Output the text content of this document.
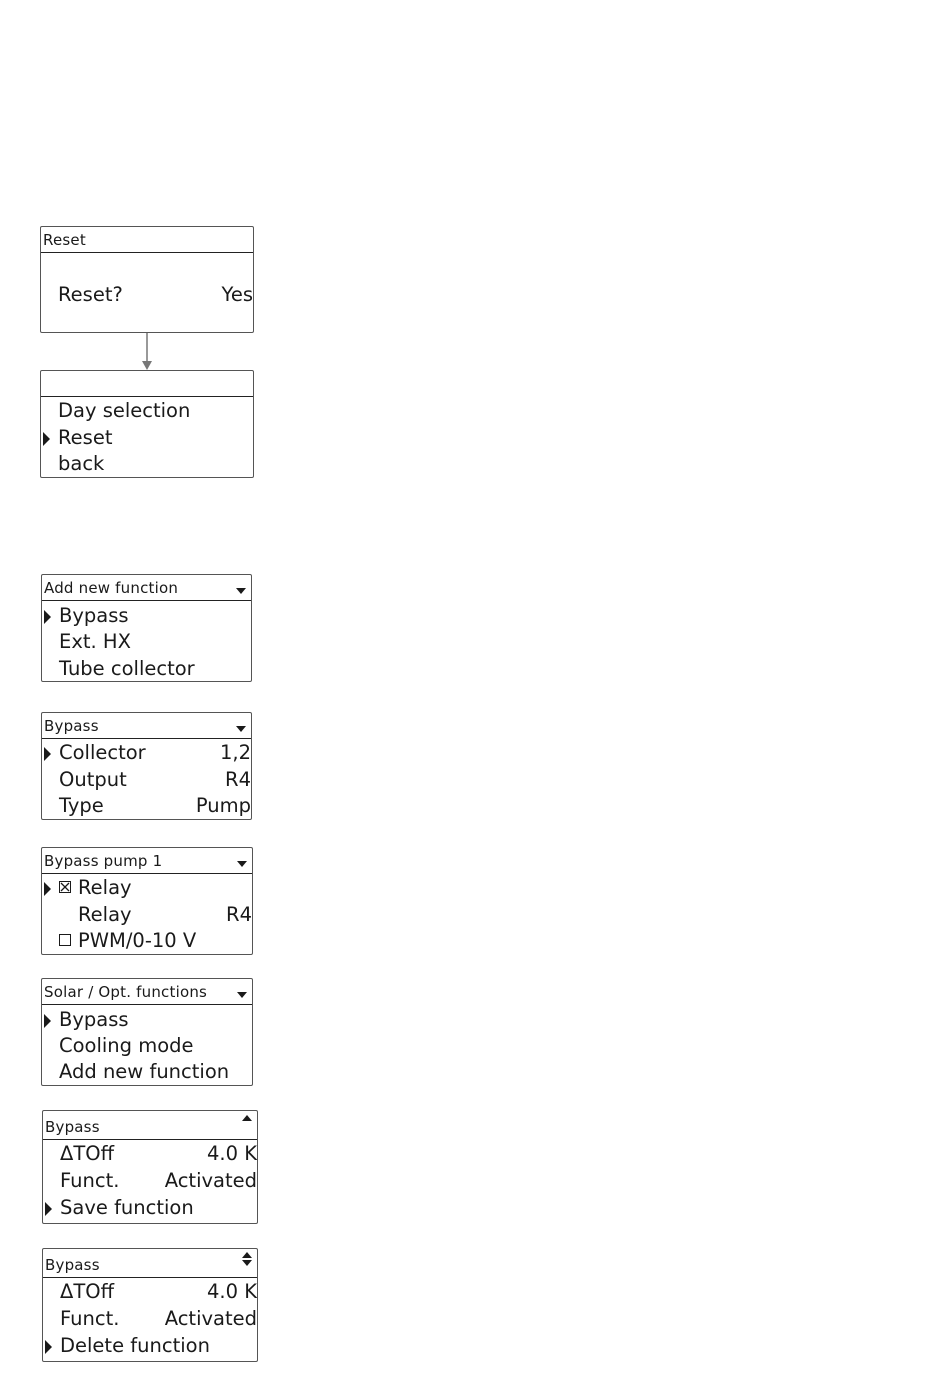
Reset
Reset?	Yes
Day selection
Reset
back
Add new function
Bypass
Ext. HX
Tube collector
Bypass
Collector	1,2
Output	R4
Type	Pump
Bypass pump 1
Relay
Relay	R4
PWM/0-10 V
Solar / Opt. functions
Bypass
Cooling mode
Add new function
Bypass
ΔTOff	4.0 K
Funct. Activated
Save function
Bypass
ΔTOff	4.0 K
Funct. Activated
Delete function
